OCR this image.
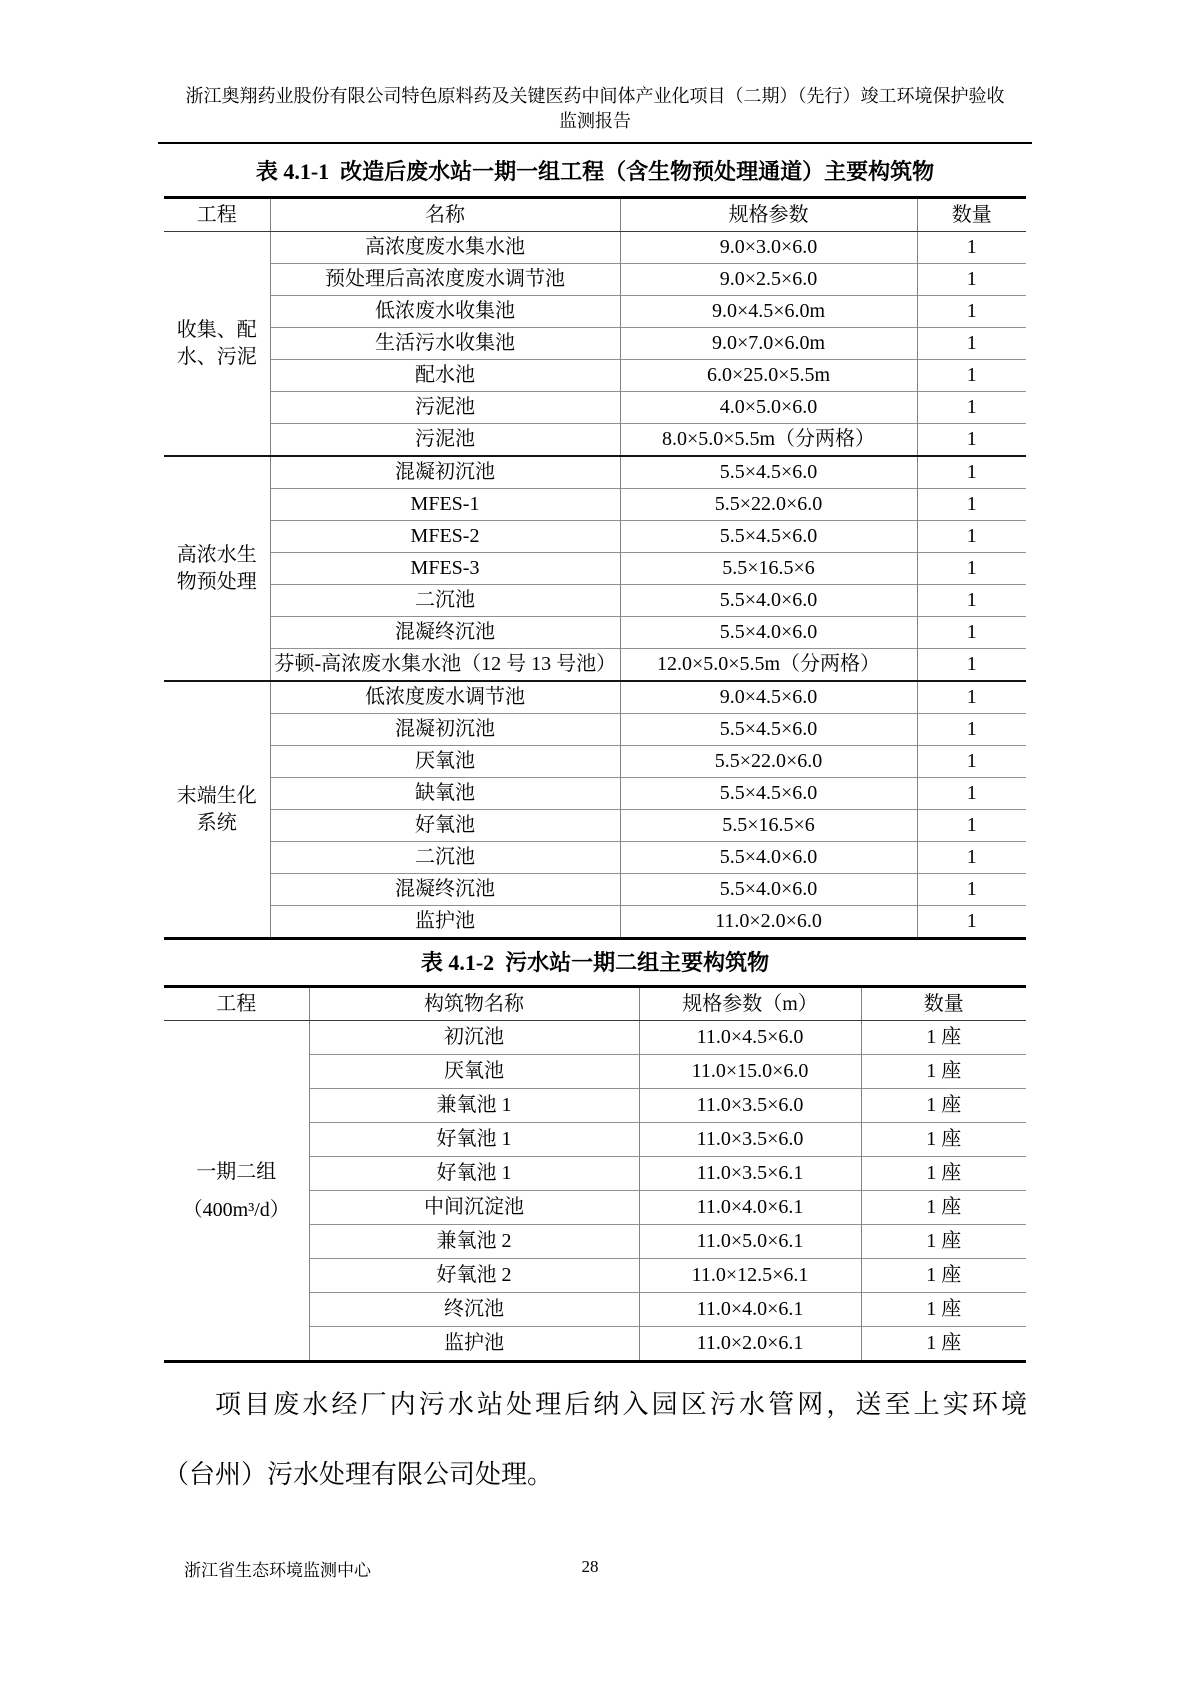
浙江奥翔药业股份有限公司特色原料药及关键医药中间体产业化项目（二期）（先行）竣工环境保护验收
监测报告
表 4.1-1  改造后废水站一期一组工程（含生物预处理通道）主要构筑物
工程	名称	规格参数	数量
收集、配水、污泥	高浓度废水集水池	9.0×3.0×6.0	1
	预处理后高浓度废水调节池	9.0×2.5×6.0	1
	低浓废水收集池	9.0×4.5×6.0m	1
	生活污水收集池	9.0×7.0×6.0m	1
	配水池	6.0×25.0×5.5m	1
	污泥池	4.0×5.0×6.0	1
	污泥池	8.0×5.0×5.5m（分两格）	1
高浓水生物预处理	混凝初沉池	5.5×4.5×6.0	1
	MFES-1	5.5×22.0×6.0	1
	MFES-2	5.5×4.5×6.0	1
	MFES-3	5.5×16.5×6	1
	二沉池	5.5×4.0×6.0	1
	混凝终沉池	5.5×4.0×6.0	1
	芬顿-高浓废水集水池（12 号 13 号池）	12.0×5.0×5.5m（分两格）	1
末端生化系统	低浓度废水调节池	9.0×4.5×6.0	1
	混凝初沉池	5.5×4.5×6.0	1
	厌氧池	5.5×22.0×6.0	1
	缺氧池	5.5×4.5×6.0	1
	好氧池	5.5×16.5×6	1
	二沉池	5.5×4.0×6.0	1
	混凝终沉池	5.5×4.0×6.0	1
	监护池	11.0×2.0×6.0	1
表 4.1-2  污水站一期二组主要构筑物
工程	构筑物名称	规格参数（m）	数量

一期二组
（400m³/d）	初沉池	11.0×4.5×6.0	1 座
	厌氧池	11.0×15.0×6.0	1 座
	兼氧池 1	11.0×3.5×6.0	1 座
	好氧池 1	11.0×3.5×6.0	1 座
	好氧池 1	11.0×3.5×6.1	1 座
	中间沉淀池	11.0×4.0×6.1	1 座
	兼氧池 2	11.0×5.0×6.1	1 座
	好氧池 2	11.0×12.5×6.1	1 座
	终沉池	11.0×4.0×6.1	1 座
	监护池	11.0×2.0×6.1	1 座
项目废水经厂内污水站处理后纳入园区污水管网，送至上实环境
（台州）污水处理有限公司处理。
浙江省生态环境监测中心	28
